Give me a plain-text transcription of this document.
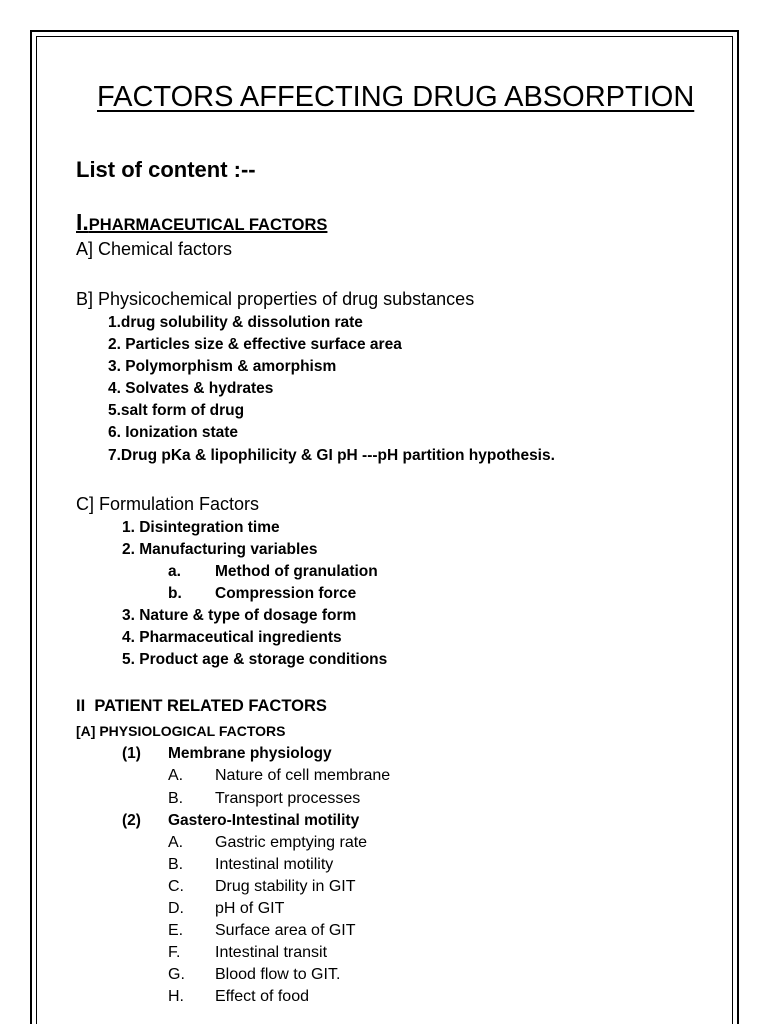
FACTORS AFFECTING DRUG ABSORPTION
List of content :--
I.PHARMACEUTICAL FACTORS
A] Chemical factors
B] Physicochemical properties of drug substances
1.drug solubility & dissolution rate
2. Particles size & effective surface area
3. Polymorphism & amorphism
4. Solvates & hydrates
5.salt form of drug
6. Ionization state
7.Drug pKa & lipophilicity & GI pH ---pH partition hypothesis.
C] Formulation Factors
1. Disintegration time
2. Manufacturing variables
a. Method of granulation
b. Compression force
3. Nature & type of dosage form
4. Pharmaceutical ingredients
5. Product age & storage conditions
II  PATIENT RELATED FACTORS
[A] PHYSIOLOGICAL FACTORS
(1) Membrane physiology
A. Nature of cell membrane
B. Transport processes
(2) Gastero-Intestinal motility
A. Gastric emptying rate
B. Intestinal motility
C. Drug stability in GIT
D. pH of GIT
E. Surface area of GIT
F. Intestinal transit
G. Blood flow to GIT.
H. Effect of food
